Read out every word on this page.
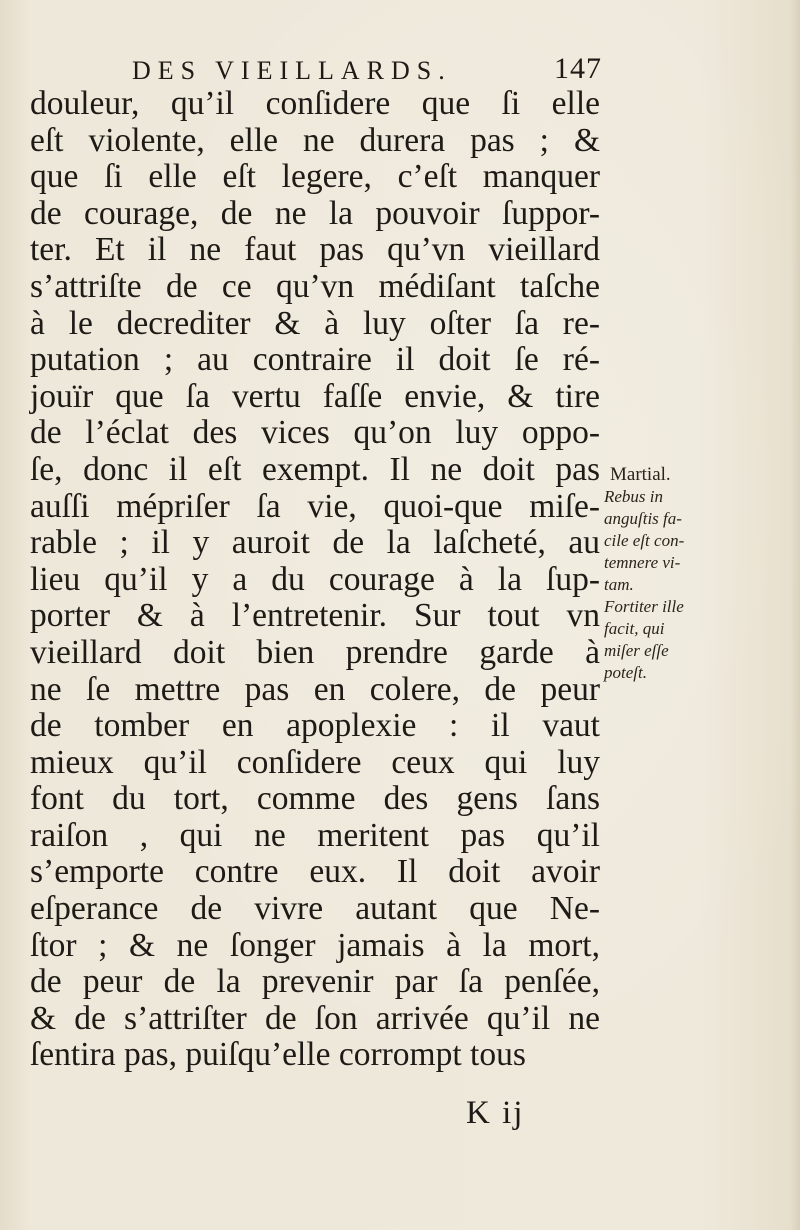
DES VIEILLARDS.	147
douleur, qu’il conſidere que ſi elle
eſt violente, elle ne durera pas ; &
que ſi elle eſt legere, c’eſt manquer
de courage, de ne la pouvoir ſuppor-
ter. Et il ne faut pas qu’vn vieillard
s’attriſte de ce qu’vn médiſant taſche
à le decrediter & à luy oſter ſa re-
putation ; au contraire il doit ſe ré-
jouïr que ſa vertu faſſe envie, & tire
de l’éclat des vices qu’on luy oppo-
ſe, donc il eſt exempt. Il ne doit pas
auſſi mépriſer ſa vie, quoi-que miſe-
rable ; il y auroit de la laſcheté, au
lieu qu’il y a du courage à la ſup-
porter & à l’entretenir. Sur tout vn
vieillard doit bien prendre garde à
ne ſe mettre pas en colere, de peur
de tomber en apoplexie : il vaut
mieux qu’il conſidere ceux qui luy
font du tort, comme des gens ſans
raiſon , qui ne meritent pas qu’il
s’emporte contre eux. Il doit avoir
eſperance de vivre autant que Ne-
ſtor ; & ne ſonger jamais à la mort,
de peur de la prevenir par ſa penſée,
& de s’attriſter de ſon arrivée qu’il ne
ſentira pas, puiſqu’elle corrompt tous
Martial.
Rebus in
anguſtis fa-
cile eſt con-
temnere vi-
tam.
Fortiter ille
facit, qui
miſer eſſe
poteſt.
K ij
